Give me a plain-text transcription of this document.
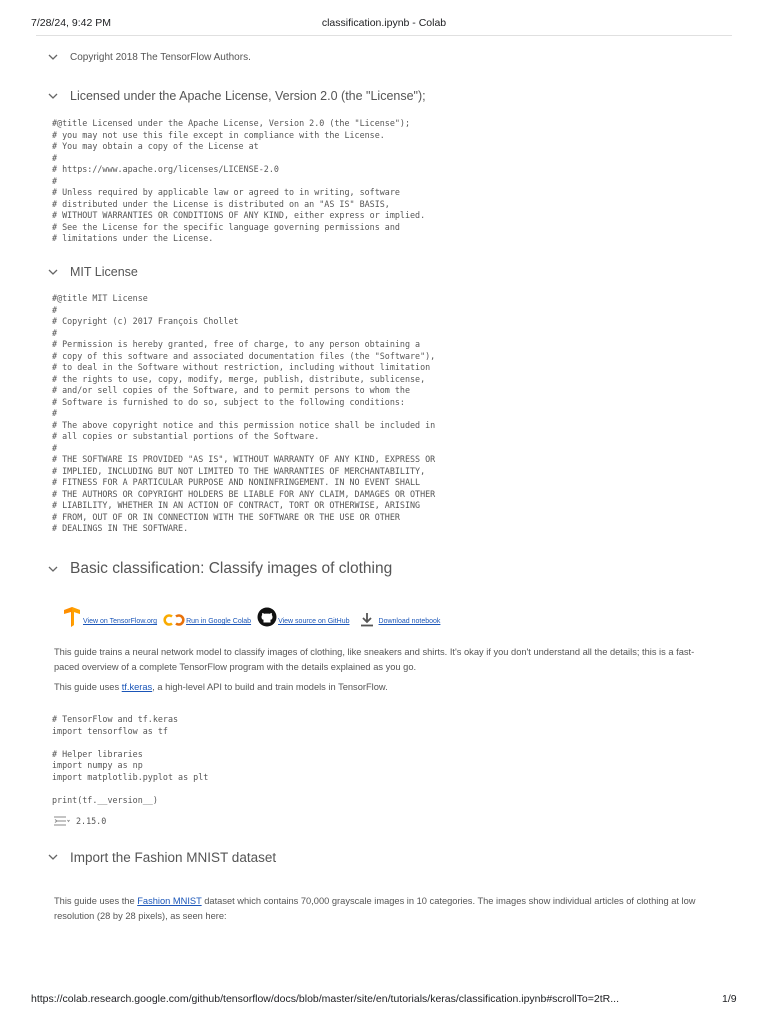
7/28/24, 9:42 PM	classification.ipynb - Colab
Copyright 2018 The TensorFlow Authors.
Licensed under the Apache License, Version 2.0 (the "License");
#@title Licensed under the Apache License, Version 2.0 (the "License");
# you may not use this file except in compliance with the License.
# You may obtain a copy of the License at
#
# https://www.apache.org/licenses/LICENSE-2.0
#
# Unless required by applicable law or agreed to in writing, software
# distributed under the License is distributed on an "AS IS" BASIS,
# WITHOUT WARRANTIES OR CONDITIONS OF ANY KIND, either express or implied.
# See the License for the specific language governing permissions and
# limitations under the License.
MIT License
#@title MIT License
#
# Copyright (c) 2017 François Chollet
#
# Permission is hereby granted, free of charge, to any person obtaining a
# copy of this software and associated documentation files (the "Software"),
# to deal in the Software without restriction, including without limitation
# the rights to use, copy, modify, merge, publish, distribute, sublicense,
# and/or sell copies of the Software, and to permit persons to whom the
# Software is furnished to do so, subject to the following conditions:
#
# The above copyright notice and this permission notice shall be included in
# all copies or substantial portions of the Software.
#
# THE SOFTWARE IS PROVIDED "AS IS", WITHOUT WARRANTY OF ANY KIND, EXPRESS OR
# IMPLIED, INCLUDING BUT NOT LIMITED TO THE WARRANTIES OF MERCHANTABILITY,
# FITNESS FOR A PARTICULAR PURPOSE AND NONINFRINGEMENT. IN NO EVENT SHALL
# THE AUTHORS OR COPYRIGHT HOLDERS BE LIABLE FOR ANY CLAIM, DAMAGES OR OTHER
# LIABILITY, WHETHER IN AN ACTION OF CONTRACT, TORT OR OTHERWISE, ARISING
# FROM, OUT OF OR IN CONNECTION WITH THE SOFTWARE OR THE USE OR OTHER
# DEALINGS IN THE SOFTWARE.
Basic classification: Classify images of clothing
View on TensorFlow.org	Run in Google Colab	View source on GitHub	Download notebook

This guide trains a neural network model to classify images of clothing, like sneakers and shirts. It's okay if you don't understand all the details; this is a fast-paced overview of a complete TensorFlow program with the details explained as you go.

This guide uses tf.keras, a high-level API to build and train models in TensorFlow.

# TensorFlow and tf.keras
import tensorflow as tf

# Helper libraries
import numpy as np
import matplotlib.pyplot as plt

print(tf.__version__)
2.15.0
Import the Fashion MNIST dataset

This guide uses the Fashion MNIST dataset which contains 70,000 grayscale images in 10 categories. The images show individual articles of clothing at low resolution (28 by 28 pixels), as seen here:

https://colab.research.google.com/github/tensorflow/docs/blob/master/site/en/tutorials/keras/classification.ipynb#scrollTo=2tR...	1/9
